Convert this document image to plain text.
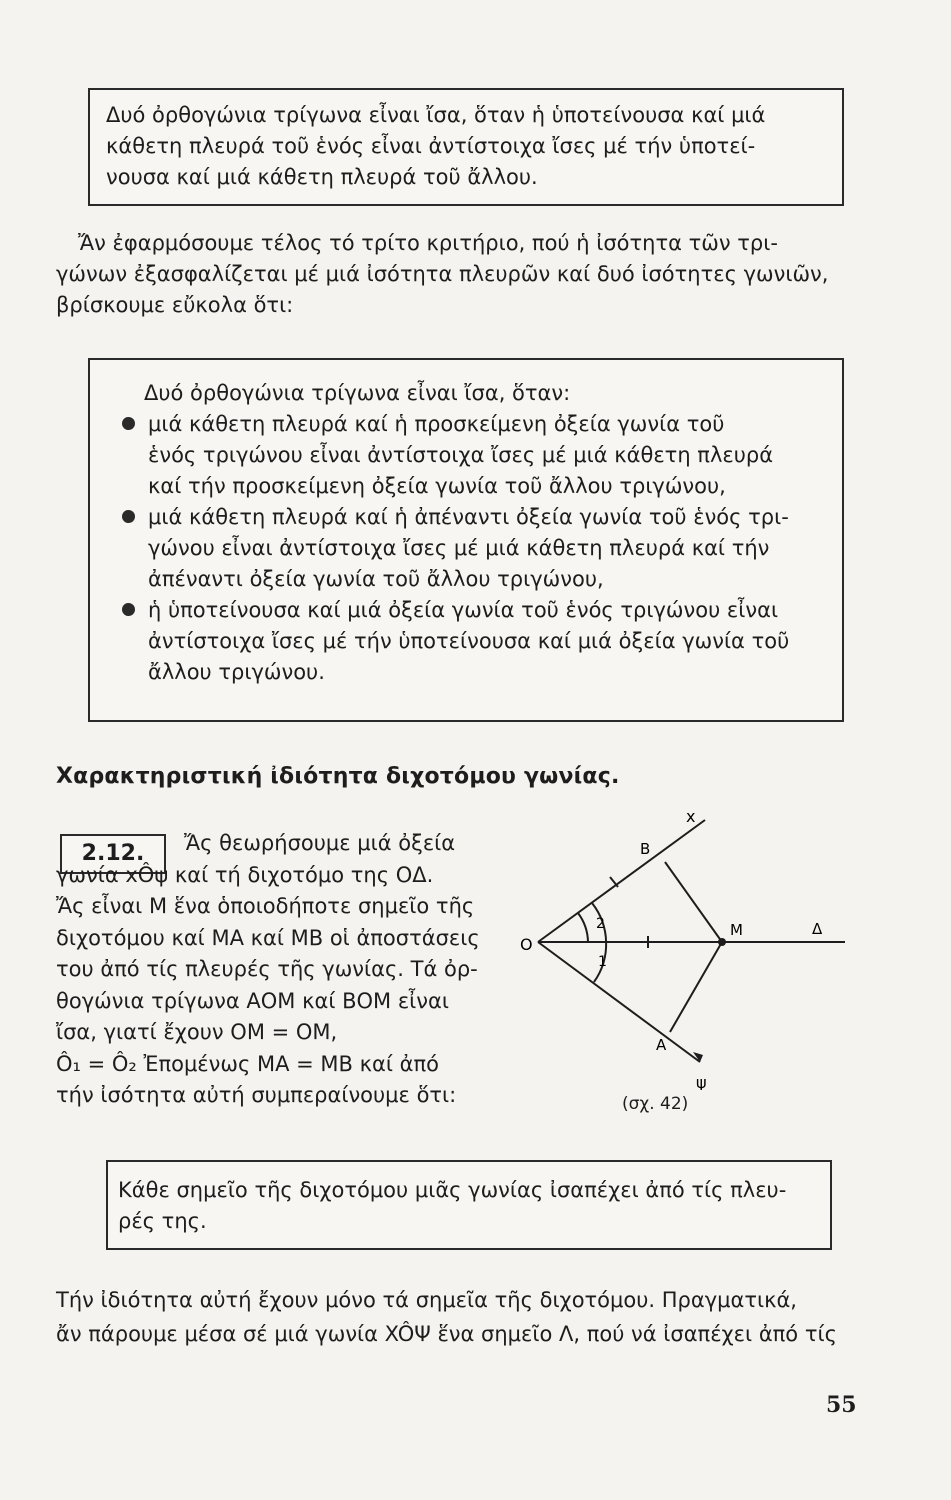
Δυό ὀρθογώνια τρίγωνα εἶναι ἴσα, ὅταν ἡ ὑποτείνουσα καί μιά
κάθετη πλευρά τοῦ ἑνός εἶναι ἀντίστοιχα ἴσες μέ τήν ὑποτεί-
νουσα καί μιά κάθετη πλευρά τοῦ ἄλλου.
Ἄν ἐφαρμόσουμε τέλος τό τρίτο κριτήριο, πού ἡ ἰσότητα τῶν τρι-
γώνων ἐξασφαλίζεται μέ μιά ἰσότητα πλευρῶν καί δυό ἰσότητες γωνιῶν,
βρίσκουμε εὔκολα ὅτι:
Δυό ὀρθογώνια τρίγωνα εἶναι ἴσα, ὅταν:
μιά κάθετη πλευρά καί ἡ προσκείμενη ὀξεία γωνία τοῦ
ἑνός τριγώνου εἶναι ἀντίστοιχα ἴσες μέ μιά κάθετη πλευρά
καί τήν προσκείμενη ὀξεία γωνία τοῦ ἄλλου τριγώνου,
μιά κάθετη πλευρά καί ἡ ἀπέναντι ὀξεία γωνία τοῦ ἑνός τρι-
γώνου εἶναι ἀντίστοιχα ἴσες μέ μιά κάθετη πλευρά καί τήν
ἀπέναντι ὀξεία γωνία τοῦ ἄλλου τριγώνου,
ἡ ὑποτείνουσα καί μιά ὀξεία γωνία τοῦ ἑνός τριγώνου εἶναι
ἀντίστοιχα ἴσες μέ τήν ὑποτείνουσα καί μιά ὀξεία γωνία τοῦ
ἄλλου τριγώνου.
Χαρακτηριστική ἰδιότητα διχοτόμου γωνίας.
2.12.	Ἄς θεωρήσουμε μιά ὀξεία
γωνία xÔψ καί τή διχοτόμο της ΟΔ.
Ἄς εἶναι Μ ἕνα ὁποιοδήποτε σημεῖο τῆς
διχοτόμου καί ΜΑ καί ΜΒ οἱ ἀποστάσεις
του ἀπό τίς πλευρές τῆς γωνίας. Τά ὀρ-
θογώνια τρίγωνα ΑΟΜ καί ΒΟΜ εἶναι
ἴσα, γιατί ἔχουν ΟΜ = ΟΜ,
Ô₁ = Ô₂ Ἐπομένως ΜΑ = ΜΒ καί ἀπό
τήν ἰσότητα αὐτή συμπεραίνουμε ὅτι:
x
ψ
O
B
A
M	Δ
1
2
(σχ. 42)
Κάθε σημεῖο τῆς διχοτόμου μιᾶς γωνίας ἰσαπέχει ἀπό τίς πλευ-
ρές της.
Τήν ἰδιότητα αὐτή ἔχουν μόνο τά σημεῖα τῆς διχοτόμου. Πραγματικά,
ἄν πάρουμε μέσα σέ μιά γωνία XÔΨ ἕνα σημεῖο Λ, πού νά ἰσαπέχει ἀπό τίς
55
